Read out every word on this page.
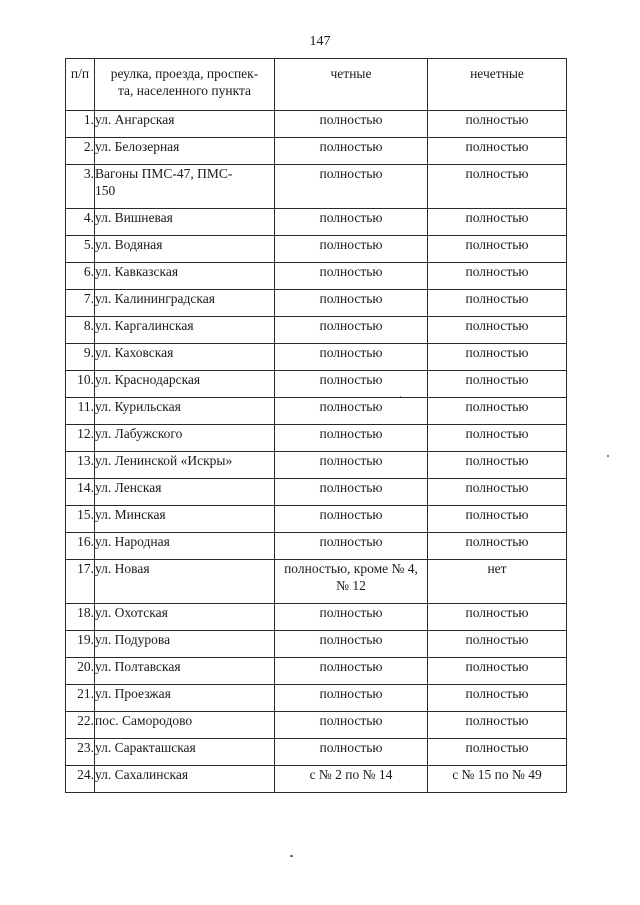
147
п/п	реулка, проезда, проспек-
та, населенного пункта	четные	нечетные
1.	ул. Ангарская	полностью	полностью
2.	ул. Белозерная	полностью	полностью
3.	Вагоны ПМС-47, ПМС-
150	полностью	полностью
4.	ул. Вишневая	полностью	полностью
5.	ул. Водяная	полностью	полностью
6.	ул. Кавказская	полностью	полностью
7.	ул. Калининградская	полностью	полностью
8.	ул. Каргалинская	полностью	полностью
9.	ул. Каховская	полностью	полностью
10.	ул. Краснодарская	полностью	полностью
11.	ул. Курильская	полностью	полностью
12.	ул. Лабужского	полностью	полностью
13.	ул. Ленинской «Искры»	полностью	полностью
14.	ул. Ленская	полностью	полностью
15.	ул. Минская	полностью	полностью
16.	ул. Народная	полностью	полностью
17.	ул. Новая	полностью, кроме № 4,
№ 12	нет
18.	ул. Охотская	полностью	полностью
19.	ул. Подурова	полностью	полностью
20.	ул. Полтавская	полностью	полностью
21.	ул. Проезжая	полностью	полностью
22.	пос. Самородово	полностью	полностью
23.	ул. Саракташская	полностью	полностью
24.	ул. Сахалинская	с № 2 по № 14	с № 15 по № 49
